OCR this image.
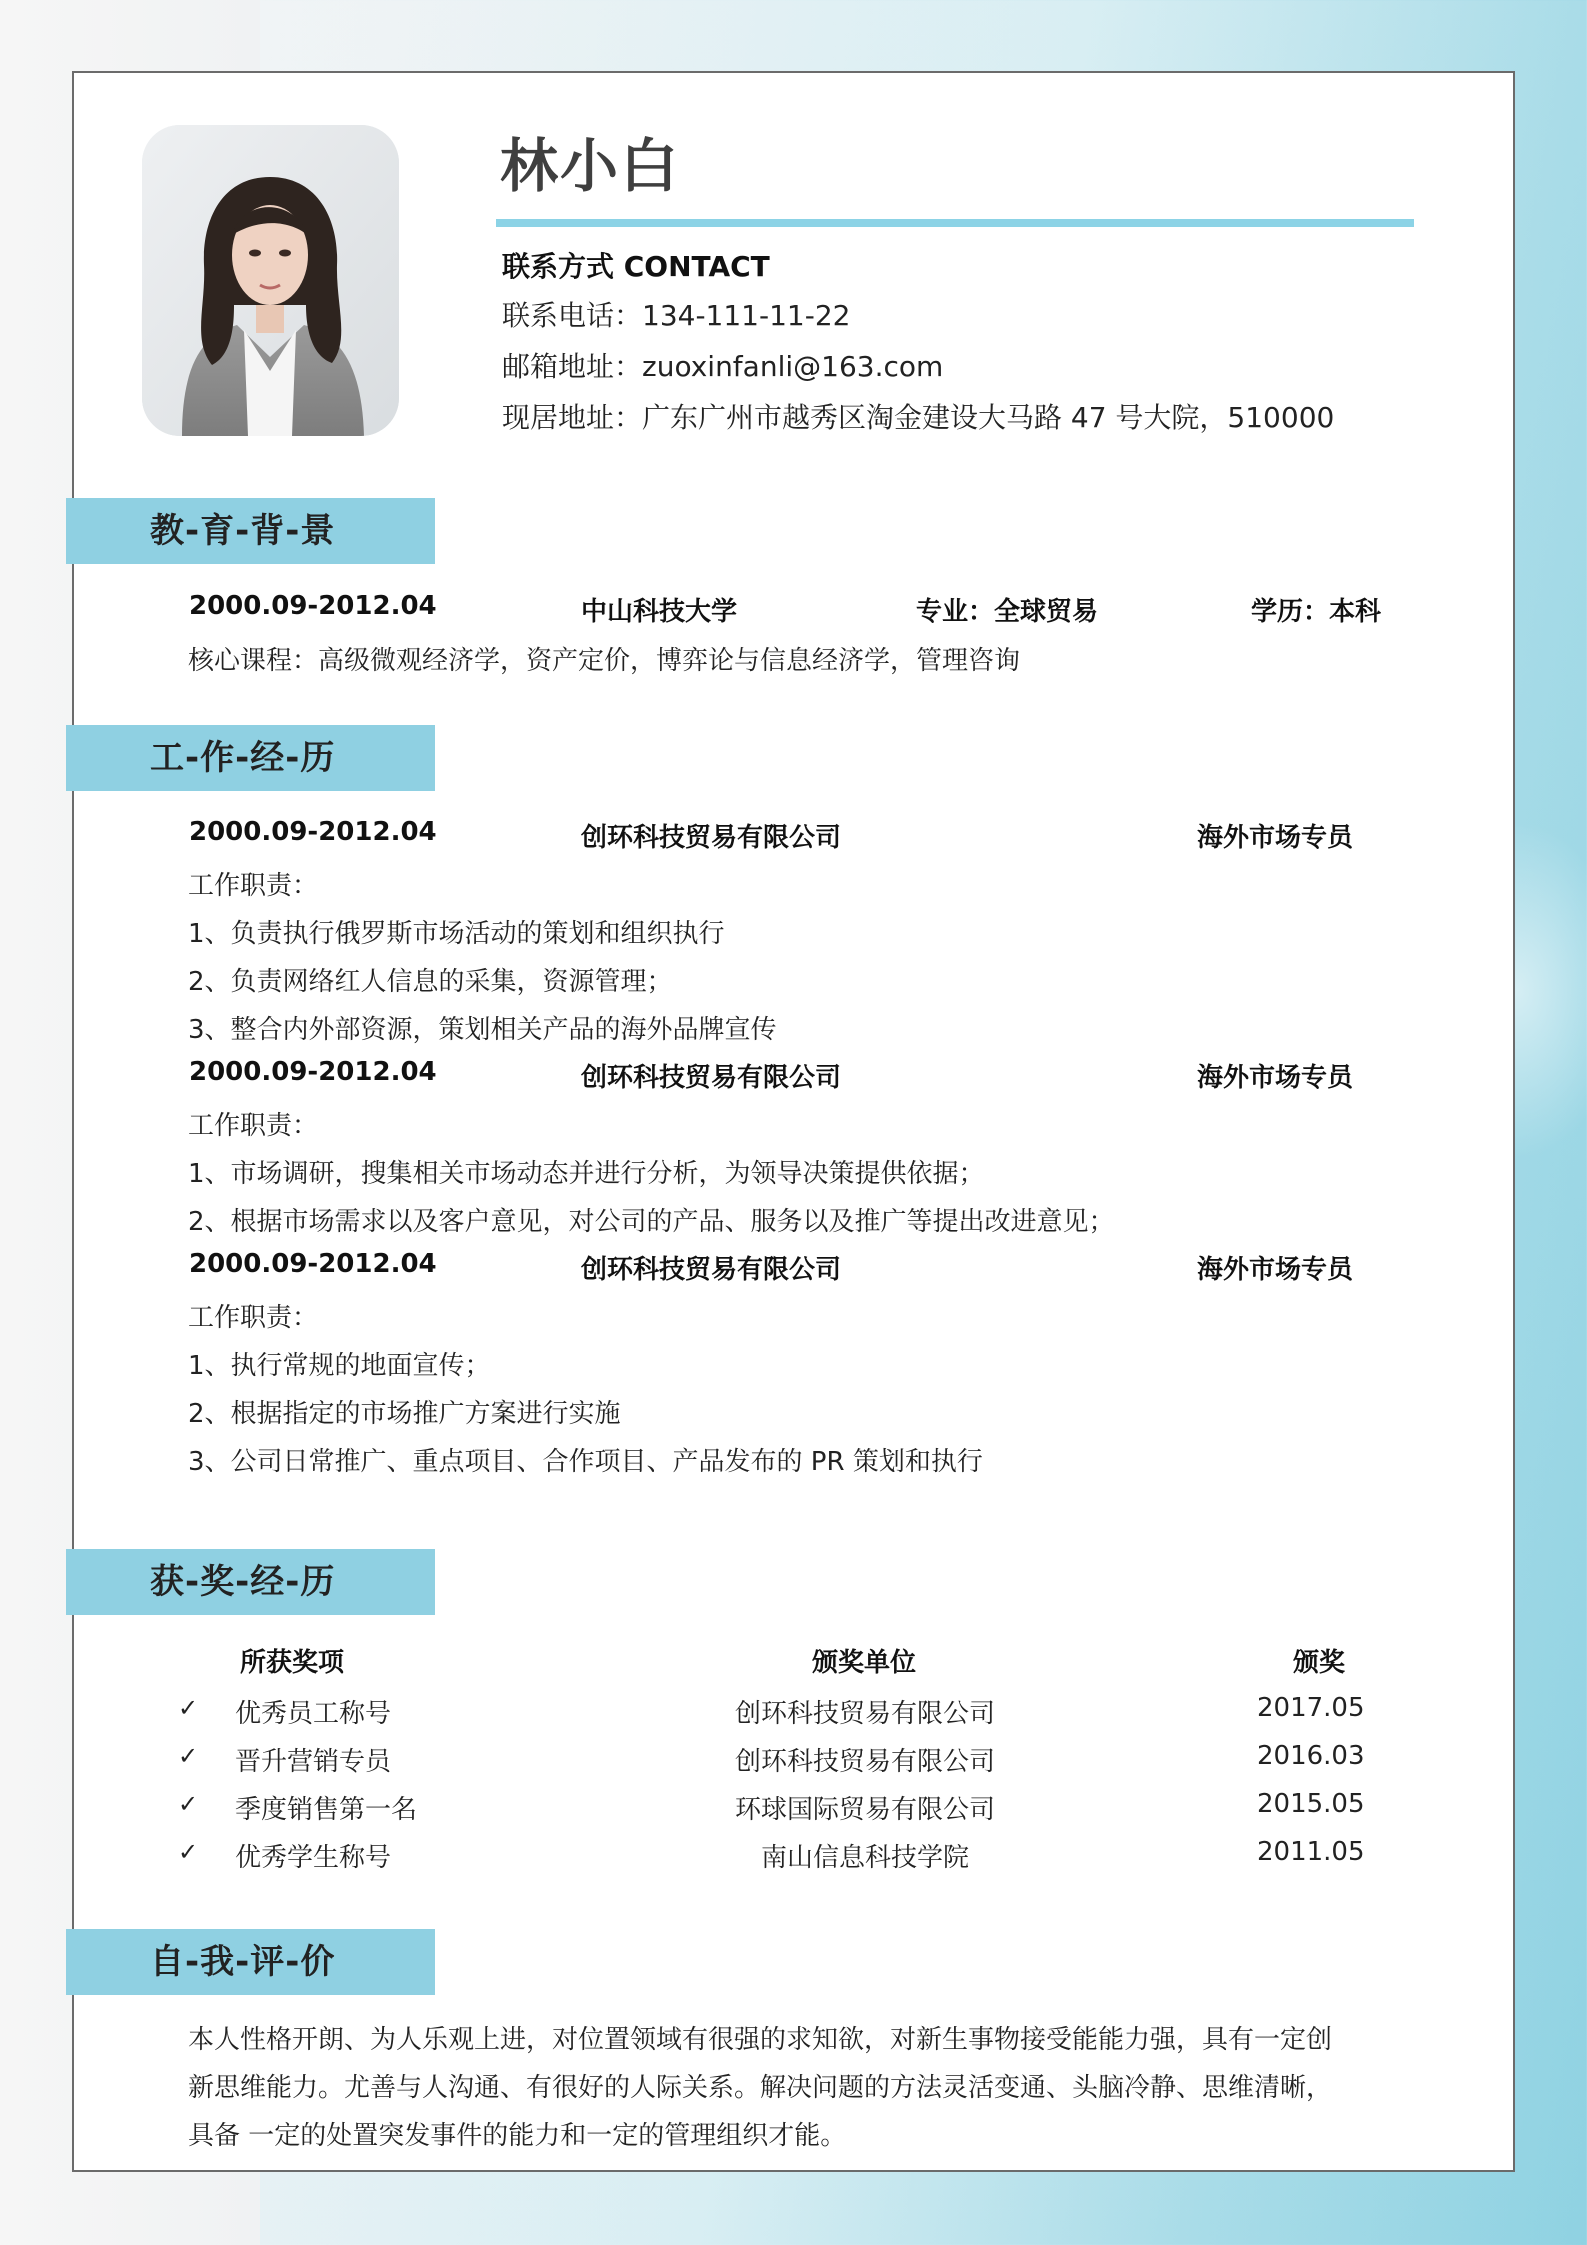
林小白
联系方式 CONTACT
联系电话：134-111-11-22
邮箱地址：zuoxinfanli@163.com
现居地址：广东广州市越秀区淘金建设大马路 47 号大院，510000
教-育-背-景
2000.09-2012.04	中山科技大学	专业：全球贸易	学历：本科
核心课程：高级微观经济学，资产定价，博弈论与信息经济学，管理咨询
工-作-经-历
2000.09-2012.04	创环科技贸易有限公司	海外市场专员
工作职责：
1、负责执行俄罗斯市场活动的策划和组织执行
2、负责网络红人信息的采集，资源管理；
3、整合内外部资源，策划相关产品的海外品牌宣传
2000.09-2012.04	创环科技贸易有限公司	海外市场专员
工作职责：
1、市场调研，搜集相关市场动态并进行分析，为领导决策提供依据；
2、根据市场需求以及客户意见，对公司的产品、服务以及推广等提出改进意见；
2000.09-2012.04	创环科技贸易有限公司	海外市场专员
工作职责：
1、执行常规的地面宣传；
2、根据指定的市场推广方案进行实施
3、公司日常推广、重点项目、合作项目、产品发布的 PR 策划和执行
获-奖-经-历
所获奖项	颁奖单位	颁奖
✓ 优秀员工称号	创环科技贸易有限公司	2017.05
✓ 晋升营销专员	创环科技贸易有限公司	2016.03
✓ 季度销售第一名	环球国际贸易有限公司	2015.05
✓ 优秀学生称号	南山信息科技学院	2011.05
自-我-评-价
本人性格开朗、为人乐观上进，对位置领域有很强的求知欲，对新生事物接受能能力强，具有一定创
新思维能力。尤善与人沟通、有很好的人际关系。解决问题的方法灵活变通、头脑冷静、思维清晰，
具备 一定的处置突发事件的能力和一定的管理组织才能。
